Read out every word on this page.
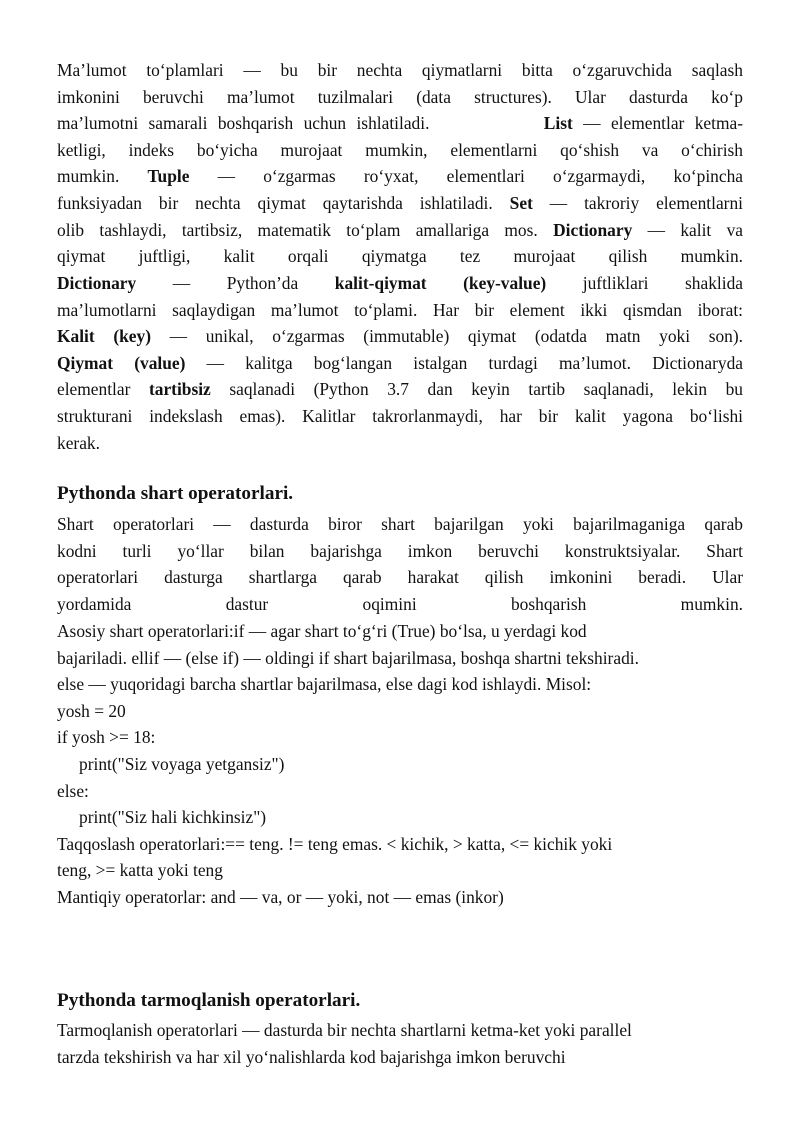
Ma’lumot to‘plamlari — bu bir nechta qiymatlarni bitta o‘zgaruvchida saqlash
imkonini beruvchi ma’lumot tuzilmalari (data structures). Ular dasturda ko‘p
ma’lumotni samarali boshqarish uchun ishlatiladi.	List — elementlar ketma-
ketligi, indeks bo‘yicha murojaat mumkin, elementlarni qo‘shish va o‘chirish
mumkin. Tuple — o‘zgarmas ro‘yxat, elementlari o‘zgarmaydi, ko‘pincha
funksiyadan bir nechta qiymat qaytarishda ishlatiladi. Set — takroriy elementlarni
olib tashlaydi, tartibsiz, matematik to‘plam amallariga mos. Dictionary — kalit va
qiymat juftligi, kalit orqali qiymatga tez murojaat qilish mumkin.
Dictionary — Python’da kalit-qiymat (key-value) juftliklari shaklida
ma’lumotlarni saqlaydigan ma’lumot to‘plami. Har bir element ikki qismdan iborat:
Kalit (key) — unikal, o‘zgarmas (immutable) qiymat (odatda matn yoki son).
Qiymat (value) — kalitga bog‘langan istalgan turdagi ma’lumot. Dictionaryda
elementlar tartibsiz saqlanadi (Python 3.7 dan keyin tartib saqlanadi, lekin bu
strukturani indekslash emas). Kalitlar takrorlanmaydi, har bir kalit yagona bo‘lishi
kerak.
Pythonda shart operatorlari.
Shart operatorlari — dasturda biror shart bajarilgan yoki bajarilmaganiga qarab
kodni turli yo‘llar bilan bajarishga imkon beruvchi konstruktsiyalar. Shart
operatorlari dasturga shartlarga qarab harakat qilish imkonini beradi. Ular
yordamida dastur oqimini boshqarish mumkin.
Asosiy shart operatorlari:if — agar shart to‘g‘ri (True) bo‘lsa, u yerdagi kod
bajariladi. ellif — (else if) — oldingi if shart bajarilmasa, boshqa shartni tekshiradi.
else — yuqoridagi barcha shartlar bajarilmasa, else dagi kod ishlaydi. Misol:
yosh = 20
if yosh >= 18:
print("Siz voyaga yetgansiz")
else:
print("Siz hali kichkinsiz")
Taqqoslash operatorlari:== teng. != teng emas. < kichik, > katta, <= kichik yoki
teng, >= katta yoki teng
Mantiqiy operatorlar: and — va, or — yoki, not — emas (inkor)
Pythonda tarmoqlanish operatorlari.
Tarmoqlanish operatorlari — dasturda bir nechta shartlarni ketma-ket yoki parallel
tarzda tekshirish va har xil yo‘nalishlarda kod bajarishga imkon beruvchi
